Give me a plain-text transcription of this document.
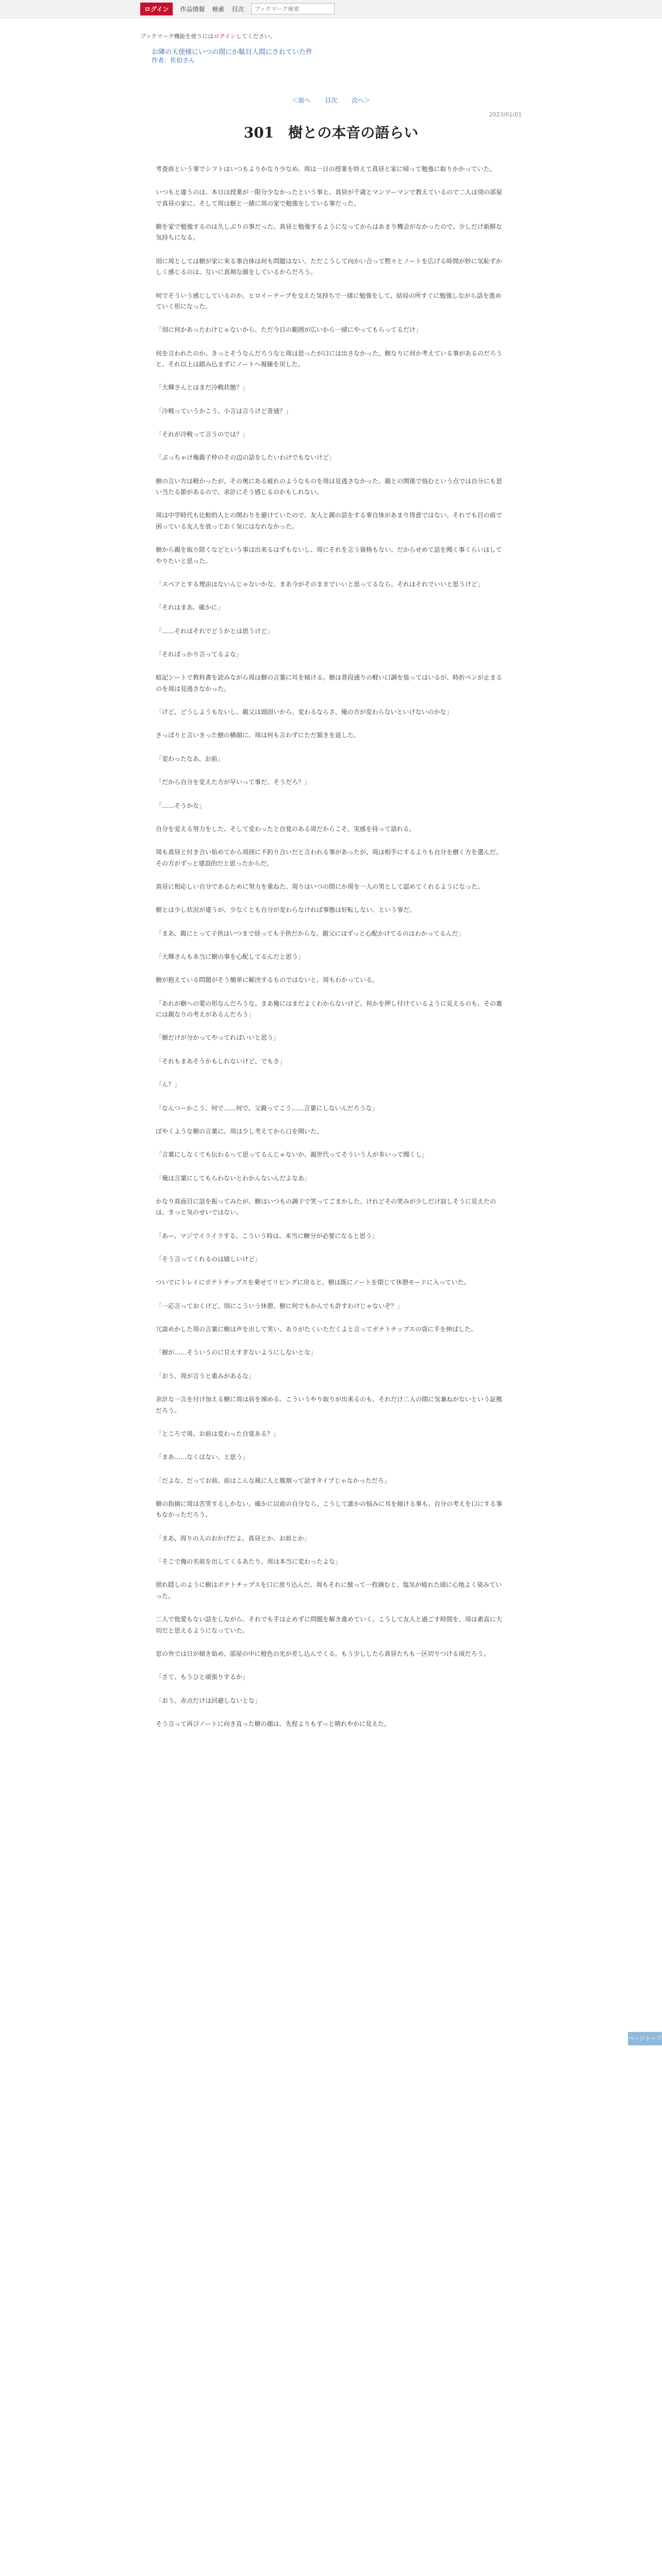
ログイン	作品情報 検索 目次
ブックマーク検索
ブックマーク機能を使うにはログインしてください。
お隣の天使様にいつの間にか駄目人間にされていた件
作者：佐伯さん
＜前へ 目次 次へ＞
2023/01/01
301　樹との本音の語らい

考査前という事でシフトはいつもよりかなり少なめ。周は一日の授業を終えて真昼と家に帰って勉強に取りかかっていた。

いつもと違うのは、本日は授業が一限分少なかったという事と、真昼が千歳とマンツーマンで教えているので二人は別の部屋で真昼の家に、そして周は樹と一緒に周の家で勉強をしている事だった。

樹を家で勉強するのは久しぶりの事だった。真昼と勉強するようになってからはあまり機会がなかったので、少しだけ新鮮な気持ちになる。

別に周としては樹が家に来る事自体は何も問題はない。ただこうして向かい合って黙々とノートを広げる時間が妙に気恥ずかしく感じるのは、互いに真剣な顔をしているからだろう。

何でそういう感じしているのか、ヒロイーテープを交えた気持ちで一緒に勉強をして、結局の所すぐに勉強しながら話を進めていく形になった。

「別に何かあったわけじゃないから、ただ今日の範囲が広いから一緒にやってもらってるだけ」

何を言われたのか、きっとそうなんだろうなと周は思ったが口には出さなかった。樹なりに何か考えている事があるのだろうと、それ以上は踏み込まずにノートへ視線を戻した。

「大輝さんとはまだ冷戦状態？」

「冷戦っていうかこう、小言は言うけど普通？」

「それが冷戦って言うのでは？」

「ぶっちゃけ俺親子仲のその辺の話をしたいわけでもないけど」

樹の言い方は軽かったが、その奥にある疲れのようなものを周は見逃さなかった。親との関係で悩むという点では自分にも思い当たる節があるので、余計にそう感じるのかもしれない。

周は中学時代も比較的人との関わりを避けていたので、友人と親の話をする事自体があまり得意ではない。それでも目の前で困っている友人を放っておく気にはなれなかった。

樹から親を取り除くなどという事は出来るはずもないし、周にそれを言う資格もない。だからせめて話を聞く事くらいはしてやりたいと思った。

「スペアとする理由はないんじゃないかな。まあ今がそのままでいいと思ってるなら、それはそれでいいと思うけど」

「それはまあ、確かに」

「……それはそれでどうかとは思うけど」

「そればっかり言ってるよな」

暗記シートで教科書を読みながら周は樹の言葉に耳を傾ける。樹は普段通りの軽い口調を装ってはいるが、時折ペンが止まるのを周は見逃さなかった。

「けど、どうしようもないし、親父は頭固いから。変わるならさ、俺の方が変わらないといけないのかな」

さっぱりと言いきった樹の横顔に、周は何も言わずにただ頷きを返した。

「変わったなあ、お前」

「だから自分を変えた方が早いって事だ、そうだろ？」

「……そうかな」

自分を変える努力をした、そして変わったと自覚のある周だからこそ、実感を持って語れる。

周も真昼と付き合い始めてから周囲に不釣り合いだと言われる事があったが、周は相手にするよりも自分を磨く方を選んだ。その方がずっと建設的だと思ったからだ。

真昼に相応しい自分であるために努力を重ねた。周りはいつの間にか周を一人の男として認めてくれるようになった。

樹とは少し状況が違うが、少なくとも自分が変わらなければ事態は好転しない、という事だ。

「まあ、親にとって子供はいつまで経っても子供だからな。親父にはずっと心配かけてるのはわかってるんだ」

「大輝さんも本当に樹の事を心配してるんだと思う」

樹が抱えている問題がそう簡単に解決するものではないと、周もわかっている。

「あれが樹への愛の形なんだろうな。まあ俺にはまだよくわからないけど、何かを押し付けているように見えるのも、その裏には親なりの考えがあるんだろう」

「樹だけが分かってやってればいいと思う」

「それもまあそうかもしれないけど、でもさ」

「ん？」

「なんつーかこう、何で……何で、父親ってこう……言葉にしないんだろうな」

ぼやくような樹の言葉に、周は少し考えてから口を開いた。

「言葉にしなくても伝わるって思ってるんじゃないか。親世代ってそういう人が多いって聞くし」

「俺は言葉にしてもらわないとわかんないんだよなあ」

かなり真面目に話を振ってみたが、樹はいつもの調子で笑ってごまかした。けれどその笑みが少しだけ寂しそうに見えたのは、きっと気のせいではない。

「あー、マジでイライラする。こういう時は、本当に糖分が必要になると思う」

「そう言ってくれるのは嬉しいけど」

ついでにトレイにポテトチップスを乗せてリビングに戻ると、樹は既にノートを閉じて休憩モードに入っていた。

「一応言っておくけど、別にこういう休憩、樹に何でもかんでも許すわけじゃないぞ？」

冗談めかした周の言葉に樹は声を出して笑い、ありがたくいただくよと言ってポテトチップスの袋に手を伸ばした。

「樹が……そういうのに甘えすぎないようにしないとな」

「おう、周が言うと重みがあるな」

余計な一言を付け加える樹に周は肩を竦める。こういうやり取りが出来るのも、それだけ二人の間に気兼ねがないという証拠だろう。

「ところで周、お前は変わった自覚ある？」

「まあ……なくはない、と思う」

「だよな。だってお前、前はこんな風に人と腹割って話すタイプじゃなかっただろ」

樹の指摘に周は苦笑するしかない。確かに以前の自分なら、こうして誰かの悩みに耳を傾ける事も、自分の考えを口にする事もなかっただろう。

「まあ、周りの人のおかげだよ。真昼とか、お前とか」

「そこで俺の名前を出してくるあたり、周は本当に変わったよな」

照れ隠しのように樹はポテトチップスを口に放り込んだ。周もそれに倣って一枚摘むと、塩気が疲れた頭に心地よく染みていった。

二人で他愛もない話をしながら、それでも手は止めずに問題を解き進めていく。こうして友人と過ごす時間を、周は素直に大切だと思えるようになっていた。

窓の外では日が傾き始め、部屋の中に橙色の光が差し込んでくる。もう少ししたら真昼たちも一区切りつける頃だろう。

「さて、もうひと頑張りするか」

「おう。赤点だけは回避しないとな」

そう言って再びノートに向き直った樹の顔は、先程よりもずっと晴れやかに見えた。

ページトップへ
